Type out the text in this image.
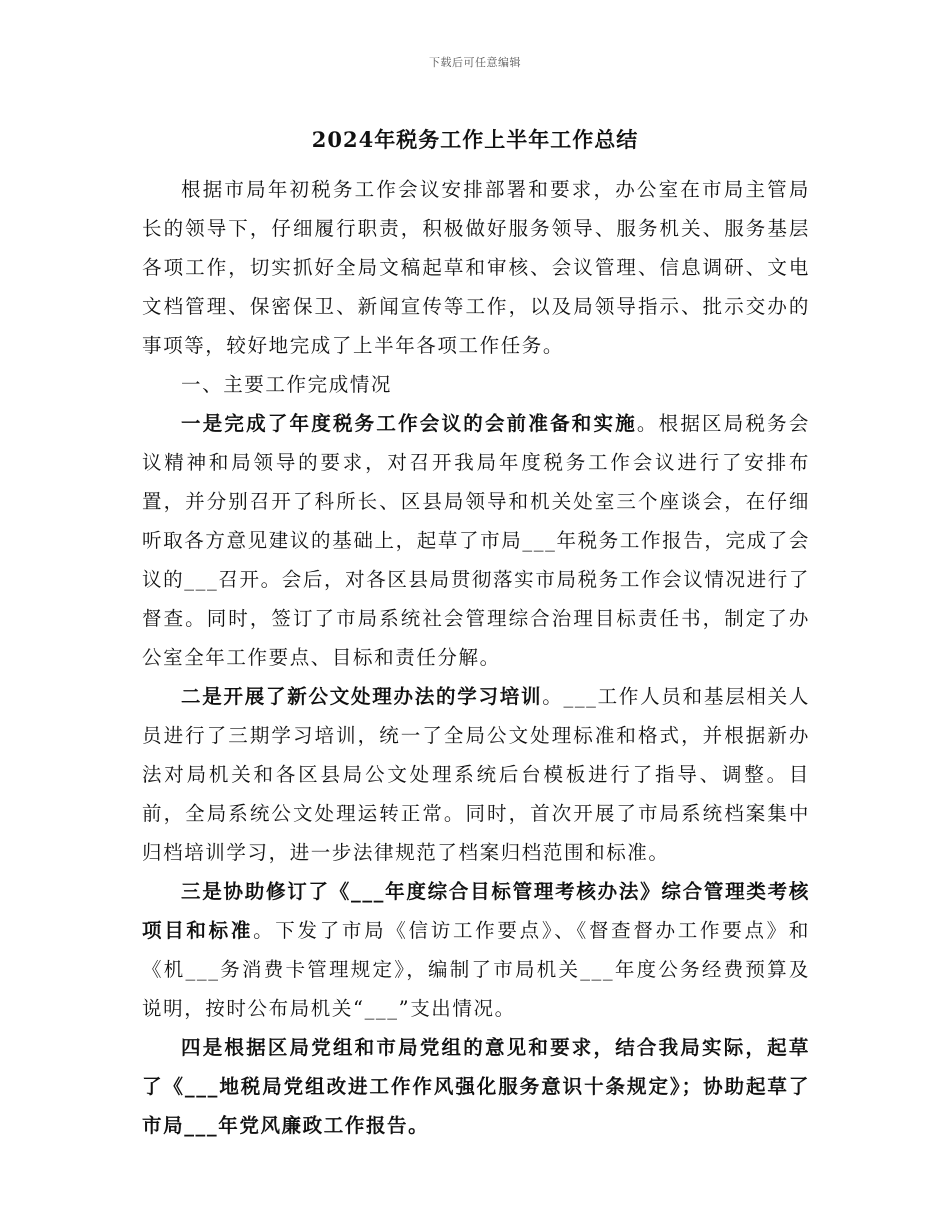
下载后可任意编辑
2024年税务工作上半年工作总结

根据市局年初税务工作会议安排部署和要求，办公室在市局主管局长的领导下，仔细履行职责，积极做好服务领导、服务机关、服务基层各项工作，切实抓好全局文稿起草和审核、会议管理、信息调研、文电文档管理、保密保卫、新闻宣传等工作，以及局领导指示、批示交办的事项等，较好地完成了上半年各项工作任务。

一、主要工作完成情况

一是完成了年度税务工作会议的会前准备和实施。根据区局税务会议精神和局领导的要求，对召开我局年度税务工作会议进行了安排布置，并分别召开了科所长、区县局领导和机关处室三个座谈会，在仔细听取各方意见建议的基础上，起草了市局___年税务工作报告，完成了会议的___召开。会后，对各区县局贯彻落实市局税务工作会议情况进行了督查。同时，签订了市局系统社会管理综合治理目标责任书，制定了办公室全年工作要点、目标和责任分解。

二是开展了新公文处理办法的学习培训。___工作人员和基层相关人员进行了三期学习培训，统一了全局公文处理标准和格式，并根据新办法对局机关和各区县局公文处理系统后台模板进行了指导、调整。目前，全局系统公文处理运转正常。同时，首次开展了市局系统档案集中归档培训学习，进一步法律规范了档案归档范围和标准。

三是协助修订了《___年度综合目标管理考核办法》综合管理类考核项目和标准。下发了市局《信访工作要点》、《督查督办工作要点》和《机___务消费卡管理规定》，编制了市局机关___年度公务经费预算及说明，按时公布局机关“___”支出情况。

四是根据区局党组和市局党组的意见和要求，结合我局实际，起草了《___地税局党组改进工作作风强化服务意识十条规定》；协助起草了市局___年党风廉政工作报告。
